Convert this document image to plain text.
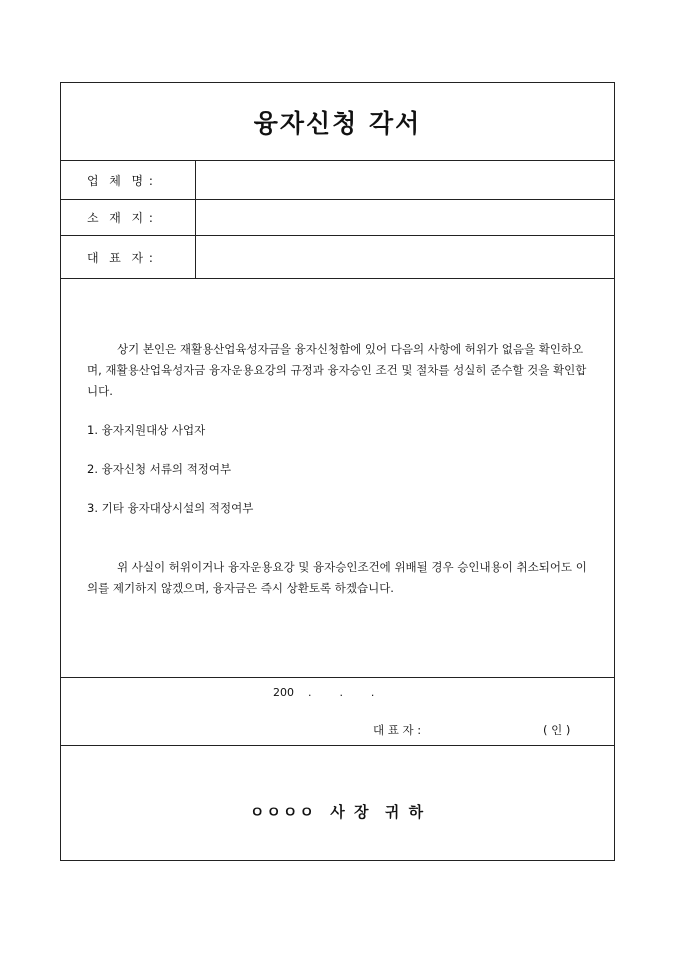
융자신청 각서
업  체  명 :
소  재  지 :
대  표  자 :
상기 본인은 재활용산업육성자금을 융자신청함에 있어 다음의 사항에 허위가 없음을 확인하오며, 재활용산업육성자금 융자운용요강의 규정과 융자승인 조건 및 절차를 성실히 준수할 것을 확인합니다.
1. 융자지원대상 사업자
2. 융자신청 서류의 적정여부
3. 기타 융자대상시설의 적정여부
위 사실이 허위이거나 융자운용요강 및 융자승인조건에 위배될 경우 승인내용이 취소되어도 이의를 제기하지 않겠으며, 융자금은 즉시 상환토록 하겠습니다.
200    .        .        .
대 표 자 :	( 인 )
ㅇㅇㅇㅇ  사 장  귀 하
